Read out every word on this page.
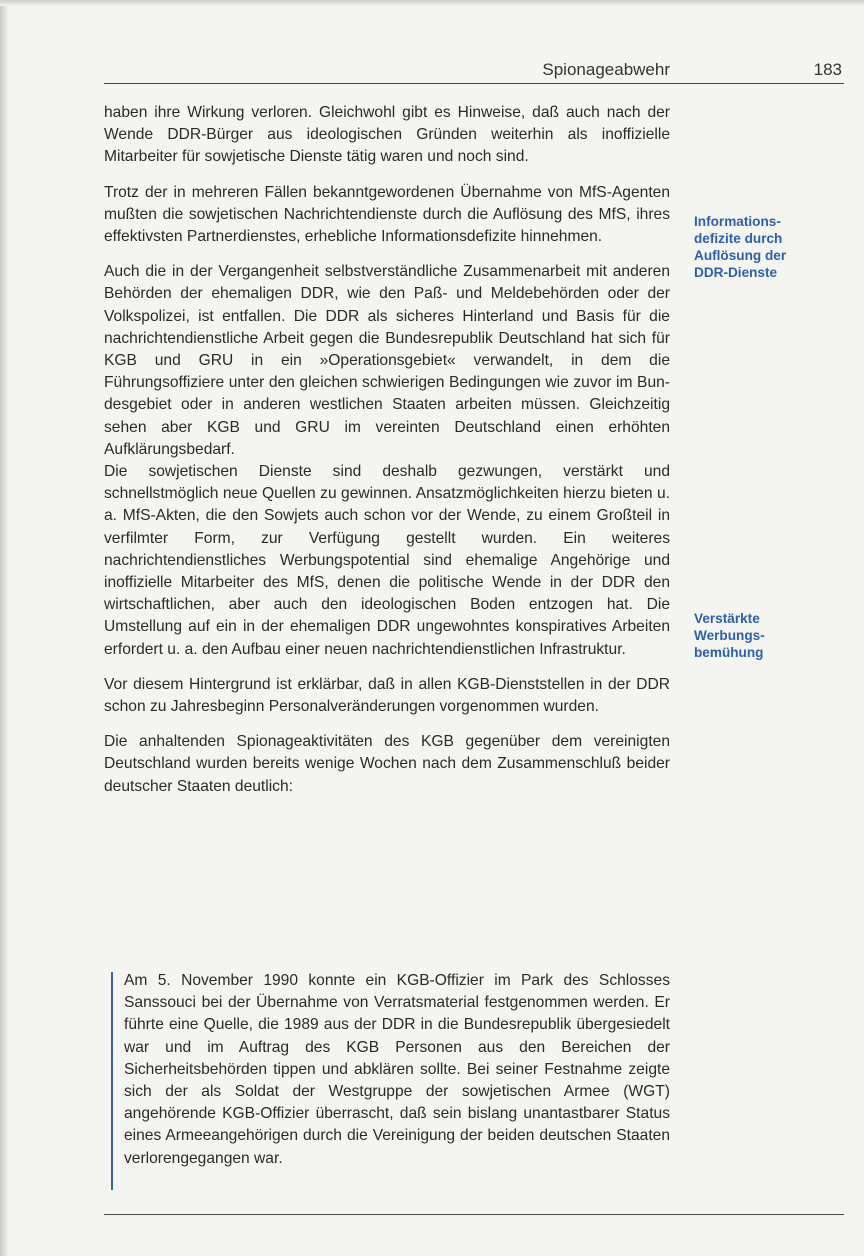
Spionageabwehr	183

haben ihre Wirkung verloren. Gleichwohl gibt es Hinweise, daß auch nach der Wende DDR-Bürger aus ideologischen Gründen weiterhin als inoffizielle Mitarbeiter für sowjetische Dienste tätig waren und noch sind.

Trotz der in mehreren Fällen bekanntgewordenen Übernahme von MfS-Agenten mußten die sowjetischen Nachrichtendienste durch die Auflösung des MfS, ihres effektivsten Partnerdienstes, erhebliche Informationsdefizite hinnehmen.

Auch die in der Vergangenheit selbstverständliche Zusammenarbeit mit anderen Behörden der ehemaligen DDR, wie den Paß- und Meldebehörden oder der Volkspolizei, ist entfallen. Die DDR als sicheres Hinterland und Basis für die nachrichtendienstliche Arbeit gegen die Bundesrepublik Deutschland hat sich für KGB und GRU in ein »Operationsgebiet« verwandelt, in dem die Führungsoffiziere unter den gleichen schwierigen Bedingungen wie zuvor im Bundesgebiet oder in anderen westlichen Staaten arbeiten müssen. Gleichzeitig sehen aber KGB und GRU im vereinten Deutschland einen erhöhten Aufklärungsbedarf.

Die sowjetischen Dienste sind deshalb gezwungen, verstärkt und schnellstmöglich neue Quellen zu gewinnen. Ansatzmöglichkeiten hierzu bieten u. a. MfS-Akten, die den Sowjets auch schon vor der Wende, zu einem Großteil in verfilmter Form, zur Verfügung gestellt wurden. Ein weiteres nachrichtendienstliches Werbungspotential sind ehemalige Angehörige und inoffizielle Mitarbeiter des MfS, denen die politische Wende in der DDR den wirtschaftlichen, aber auch den ideologischen Boden entzogen hat. Die Umstellung auf ein in der ehemaligen DDR ungewohntes konspiratives Arbeiten erfordert u. a. den Aufbau einer neuen nachrichtendienstlichen Infrastruktur.

Vor diesem Hintergrund ist erklärbar, daß in allen KGB-Dienststellen in der DDR schon zu Jahresbeginn Personalveränderungen vorgenommen wurden.

Die anhaltenden Spionageaktivitäten des KGB gegenüber dem vereinigten Deutschland wurden bereits wenige Wochen nach dem Zusammenschluß beider deutscher Staaten deutlich:

Informations-
defizite durch
Auflösung der
DDR-Dienste
Verstärkte
Werbungs-
bemühung

Am 5. November 1990 konnte ein KGB-Offizier im Park des Schlosses Sanssouci bei der Übernahme von Verratsmaterial festgenommen werden. Er führte eine Quelle, die 1989 aus der DDR in die Bundesrepublik übergesiedelt war und im Auftrag des KGB Personen aus den Bereichen der Sicherheitsbehörden tippen und abklären sollte. Bei seiner Festnahme zeigte sich der als Soldat der Westgruppe der sowjetischen Armee (WGT) angehörende KGB-Offizier überrascht, daß sein bislang unantastbarer Status eines Armeeangehörigen durch die Vereinigung der beiden deutschen Staaten verlorengegangen war.
